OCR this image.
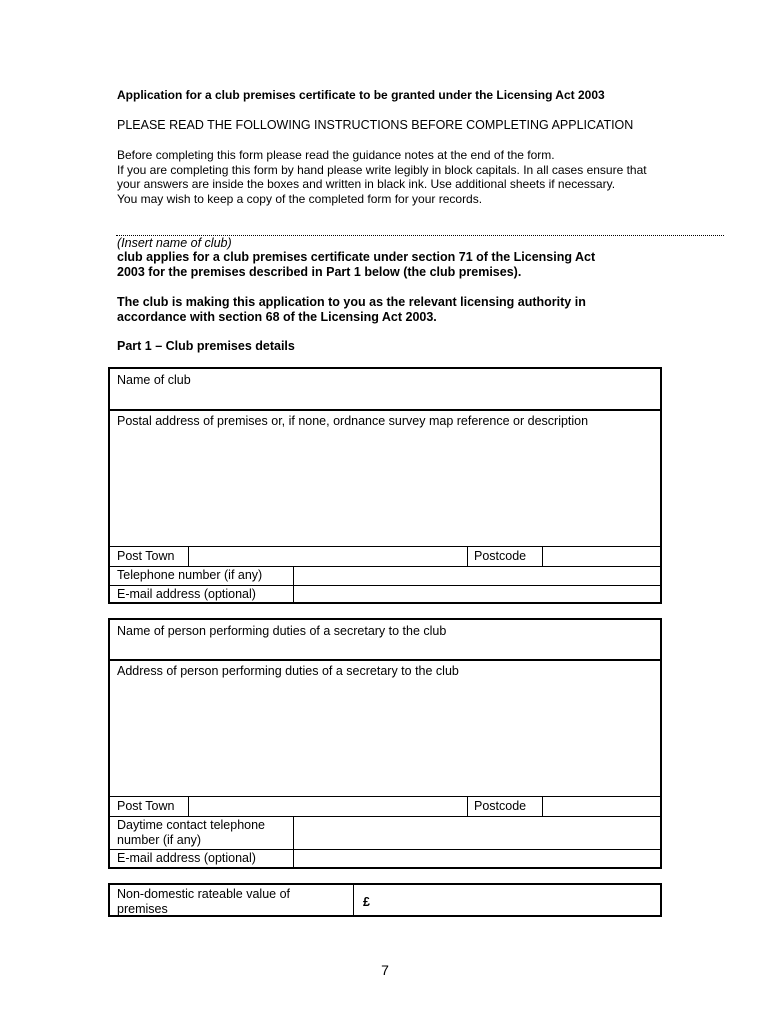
Application for a club premises certificate to be granted under the Licensing Act 2003
PLEASE READ THE FOLLOWING INSTRUCTIONS BEFORE COMPLETING APPLICATION
Before completing this form please read the guidance notes at the end of the form.
If you are completing this form by hand please write legibly in block capitals. In all cases ensure that
your answers are inside the boxes and written in black ink. Use additional sheets if necessary.
You may wish to keep a copy of the completed form for your records.
(Insert name of club)
club applies for a club premises certificate under section 71 of the Licensing Act
2003 for the premises described in Part 1 below (the club premises).
The club is making this application to you as the relevant licensing authority in
accordance with section 68 of the Licensing Act 2003.
Part 1 – Club premises details
Name of club
Postal address of premises or, if none, ordnance survey map reference or description
Post Town	Postcode
Telephone number (if any)
E-mail address (optional)
Name of person performing duties of a secretary to the club
Address of person performing duties of a secretary to the club
Post Town	Postcode
Daytime contact telephone
number (if any)
E-mail address (optional)
Non-domestic rateable value of
premises	£
7
